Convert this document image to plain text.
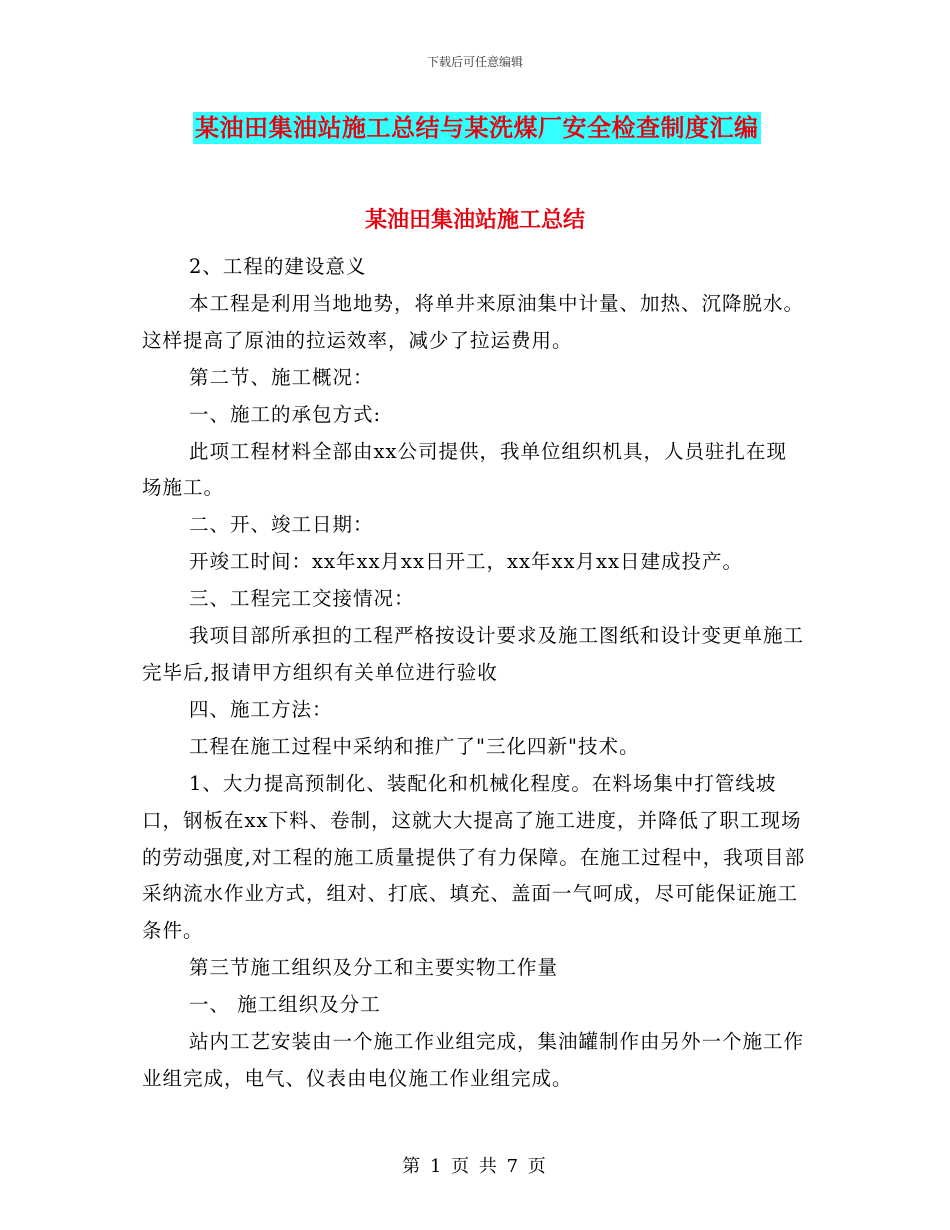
下载后可任意编辑
某油田集油站施工总结与某洗煤厂安全检查制度汇编
某油田集油站施工总结

2、工程的建设意义

本工程是利用当地地势，将单井来原油集中计量、加热、沉降脱水。这样提高了原油的拉运效率，减少了拉运费用。

第二节、施工概况：

一、施工的承包方式:

此项工程材料全部由xx公司提供，我单位组织机具，人员驻扎在现场施工。

二、开、竣工日期：

开竣工时间：xx年xx月xx日开工，xx年xx月xx日建成投产。

三、工程完工交接情况：

我项目部所承担的工程严格按设计要求及施工图纸和设计变更单施工完毕后,报请甲方组织有关单位进行验收

四、施工方法：

工程在施工过程中采纳和推广了"三化四新"技术。

1、大力提高预制化、装配化和机械化程度。在料场集中打管线坡口，钢板在xx下料、卷制，这就大大提高了施工进度，并降低了职工现场的劳动强度,对工程的施工质量提供了有力保障。在施工过程中，我项目部采纳流水作业方式，组对、打底、填充、盖面一气呵成，尽可能保证施工条件。

第三节施工组织及分工和主要实物工作量

一、 施工组织及分工

站内工艺安装由一个施工作业组完成，集油罐制作由另外一个施工作业组完成，电气、仪表由电仪施工作业组完成。

第 1 页 共 7 页
